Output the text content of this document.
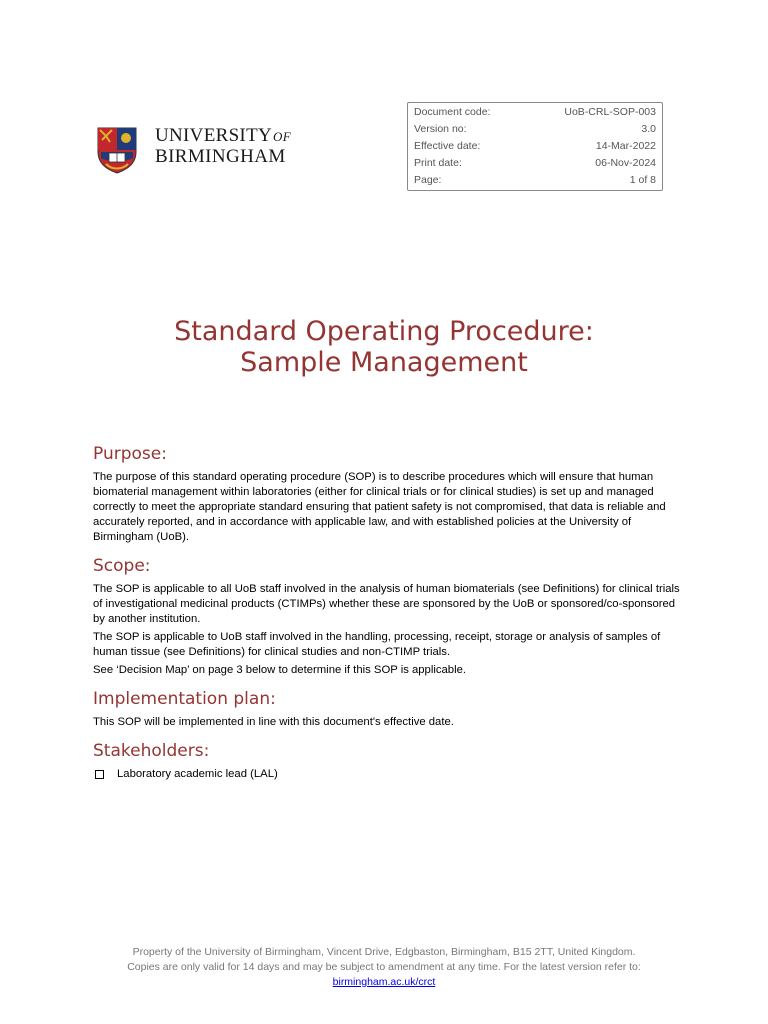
UNIVERSITYOF
BIRMINGHAM
Document code:	UoB-CRL-SOP-003
Version no:	3.0
Effective date:	14-Mar-2022
Print date:	06-Nov-2024
Page:	1 of 8
Standard Operating Procedure:
Sample Management
Purpose:

The purpose of this standard operating procedure (SOP) is to describe procedures which will ensure that human biomaterial management within laboratories (either for clinical trials or for clinical studies) is set up and managed correctly to meet the appropriate standard ensuring that patient safety is not compromised, that data is reliable and accurately reported, and in accordance with applicable law, and with established policies at the University of Birmingham (UoB).

Scope:

The SOP is applicable to all UoB staff involved in the analysis of human biomaterials (see Definitions) for clinical trials of investigational medicinal products (CTIMPs) whether these are sponsored by the UoB or sponsored/co-sponsored by another institution.

The SOP is applicable to UoB staff involved in the handling, processing, receipt, storage or analysis of samples of human tissue (see Definitions) for clinical studies and non-CTIMP trials.

See ‘Decision Map’ on page 3 below to determine if this SOP is applicable.

Implementation plan:

This SOP will be implemented in line with this document's effective date.

Stakeholders:
Laboratory academic lead (LAL)
Property of the University of Birmingham, Vincent Drive, Edgbaston, Birmingham, B15 2TT, United Kingdom.
Copies are only valid for 14 days and may be subject to amendment at any time. For the latest version refer to:
birmingham.ac.uk/crct
